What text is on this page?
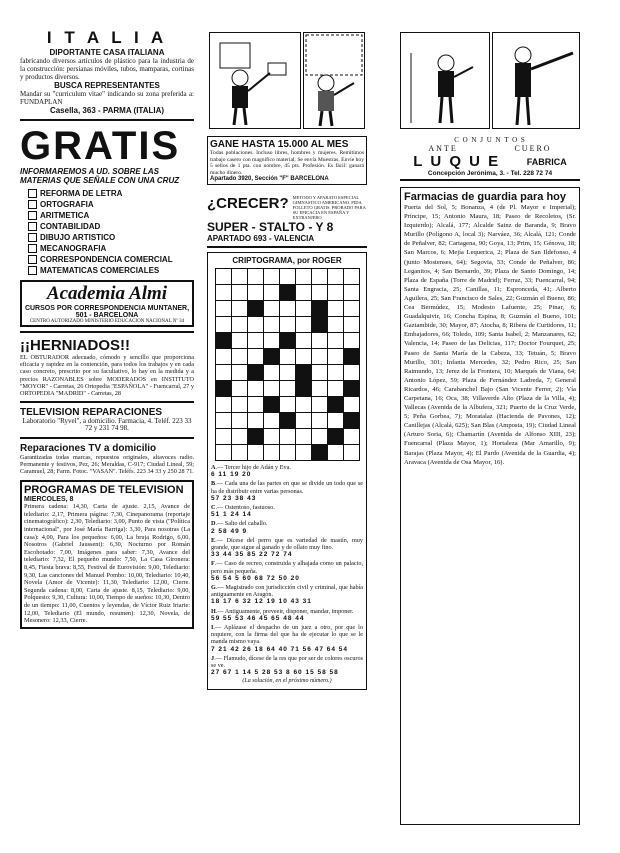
I T A L I A
DIPORTANTE CASA ITALIANA
fabricando diversos artículos de plástico para la industria de la construcción: persianas móviles, tubos, mamparas, cortinas y productos diversos.
BUSCA REPRESENTANTES
Mandar su "curriculum vitae" indicando su zona preferida a: FUNDAPLAN
Casella, 363 - PARMA (ITALIA)
GRATIS
INFORMAREMOS A UD. SOBRE LAS
MATERIAS QUE SEÑALE CON UNA CRUZ
REFORMA DE LETRA
ORTOGRAFIA
ARITMETICA
CONTABILIDAD
DIBUJO ARTISTICO
MECANOGRAFIA
CORRESPONDENCIA COMERCIAL
MATEMATICAS COMERCIALES
Academia Almi
CURSOS POR CORRESPONDENCIA MUNTANER, 501 - BARCELONA
CENTRO AUTORIZADO MINISTERIO EDUCACION NACIONAL Nº 34
¡¡HERNIADOS!!
EL OBTURADOR adecuado, cómodo y sencillo que proporciona eficacia y rapidez en la contención, para todos los trabajos y en cada caso concreto, prescrito por su facultativo, lo hay en la medida y a precios RAZONABLES sobre MODERADOS en INSTITUTO "MOYOR" - Carretas, 26 Ortopedia "ESPAÑOLA" - Fuencarral, 27 y ORTOPEDIA "MADRID" - Carretas, 28
TELEVISION REPARACIONES
Laboratorio "Ryvel", a domicilio. Farmacia, 4. Teléf. 223 33 72 y 231 74 98.
Reparaciones TV a domicilio
Garantizadas todas marcas, repuestos originales, altavoces radio. Permanente y festivos, Pez, 26; Meraldas, C-917; Ciudad Lineal, 59; Caramuel, 28; Farm. Fotoc. "VASAN". Teléfs. 223 34 33 y 250 28 71.
PROGRAMAS DE TELEVISION
MIERCOLES, 8
Primera cadena: 14,30, Carta de ajuste. 2,15, Avance de telediario: 2,17, Primera página: 7,30, Cinepanorama (reportaje cinematográfico): 2,30, Telediario: 3,00, Punto de vista ("Política internacional", por José María Barriga): 3,30, Para nosotras (La casa): 4,00, Para los pequeños: 6,00, La bruja Rodrigo, 6,00, Nosotros (Gabriel Jaussent): 6,30, Nocturno por Román Escohotado: 7,00, Imágenes para saber: 7,30, Avance del telediario: 7,32, El pequeño mundo: 7,50, La Casa Gironera: 8,45, Fiesta brava: 8,55, Festival de Eurovisión: 9,00, Telediario: 9,30, Las canciones del Manuel Pombo: 10,00, Telediario: 10,40, Novela (Amor de Vicente): 11,30, Telediario: 12,00, Cierre. Segunda cadena: 8,00, Carta de ajuste. 8,15, Telediario: 9,00, Polquesto: 9,30, Cultura: 10,00, Tiempo de sueños: 10,30, Dentro de un tiempo: 11,00, Cuentos y leyendas, de Víctor Ruiz Iriarte: 12,00, Telediario (El mundo, resumen): 12,30, Novela, de Mesonero: 12,33, Cierre.
GANE HASTA 15.000 AL MES
Todas poblaciones. Incluso libres, hombres y mujeres. Remitimos trabajo casero con magnífico material. Se envía Muestras. Envíe hoy 5 sellos de 1 pta. con nombre, 45 pts. Profesión. Es fácil: ganará mucho dinero.
Apartado 3920, Sección "F" BARCELONA
¿CRECER? METODO Y APARATO ESPECIAL GIMNASTICO AMERICANO. PIDA FOLLETO GRATIS. PROBADO PARA SU EFICACIA EN ESPAÑA Y EXTRANJERO
SUPER - STALTO - Y 8
APARTADO 693 - VALENCIA
CRIPTOGRAMA, por ROGER

A.— Tercer hijo de Adán y Eva.
6 11 19 20
B.— Cada una de las partes en que se divide un todo que se ha de distribuir entre varias personas.
57 23 38 43
C.— Ostentoso, fastuoso.
51 1 24 14
D.— Salto del caballo.
2 58 49 9
E.— Dícese del perro que es variedad de mastín, muy grande, que sigue al ganado y de ollato muy fino.
33 44 35 85 22 72 74
F.— Caso de recreo, construida y alhajada como un palacio, pero más pequeña.
56 54 5 60 68 72 50 20
G.— Magistrado con jurisdicción civil y criminal, que había antiguamente en Aragón.
18 17 6 32 12 19 10 43 31
H.— Antiguamente, preveeir, disponer, mandar, imponer.
59 55 53 46 45 65 48 44
I.— Aplázase el despacho de un juez a otro, por que lo requiere, con la firma del que ha de ejecutar lo que se le manda mismo vaya.
7 21 42 26 18 64 40 71 56 47 64 54
J.— Flamudo, dícese de la res que por ser de colores oscuros se ve.
27 67 1 14 5 28 53 8 60 15 58 58
(La solución, en el próximo número.)
C O N J U N T O S
ANTE	CUERO
L U Q U E	FABRICA
Concepción Jerónima, 3. - Tel. 228 72 74
Farmacias de guardia para hoy
Puerta del Sol, 5; Bonanza, 4 (de Pl. Mayor e Imperial); Príncipe, 15; Antonio Maura, 18; Paseo de Recoletos, (Sr. Izquierdo); Alcalá, 177; Alcalde Sainz de Baranda, 9; Bravo Murillo (Polígono A, local 3); Narváez, 36; Alcalá, 121; Conde de Peñalver, 82; Cartagena, 90; Goya, 13; Prim, 15; Génova, 18; San Marcos, 6; Mejía Lequerica, 2; Plaza de San Ildefonso, 4 (junto Mostenses, 64); Segovia, 53; Conde de Peñalver, 86; Leganitos, 4; San Bernardo, 39; Plaza de Santo Domingo, 14; Plaza de España (Torre de Madrid); Ferraz, 33; Fuencarral, 94; Santa Engracia, 25; Canillas, 11; Espronceda, 41; Alberto Aguilera, 25; San Francisco de Sales, 22; Guzmán el Bueno, 86; Cea Bermúdez, 15; Modesto Lafuente, 25; Pinar, 6; Guadalquivir, 16; Concha Espina, 8; Guzmán el Bueno, 101; Gaztambide, 30; Mayor, 87; Atocha, 8; Ribera de Curtidores, 11; Embajadores, 66; Toledo, 109; Santa Isabel, 2; Manzanares, 62; Valencia, 14; Paseo de las Delicias, 117; Doctor Fourquet, 25; Paseo de Santa María de la Cabeza, 33; Tetuán, 5; Bravo Murillo, 301; Infanta Mercedes, 32; Pedro Rico, 25; San Raimundo, 13; Jerez de la Frontera, 10; Marqués de Viana, 64; Antonio López, 59; Plaza de Fernández Ladreda, 7; General Ricardos, 46; Carabanchel Bajo (San Vicente Ferrer, 2); Vía Carpetana, 16; Oca, 38; Villaverde Alto (Plaza de la Villa, 4); Vallecas (Avenida de la Albufera, 321; Puerto de la Cruz Verde, 5; Peña Gorbea, 7); Moratalaz (Hacienda de Pavones, 12); Canillejas (Alcalá, 625); San Blas (Amposta, 19); Ciudad Lineal (Arturo Soria, 6); Chamartín (Avenida de Alfonso XIII, 23); Fuencarral (Plaza Mayor, 1); Hortaleza (Mar Amarillo, 9); Barajas (Plaza Mayor, 4); El Pardo (Avenida de la Guardia, 4); Aravaca (Avenida de Osa Mayor, 16).
